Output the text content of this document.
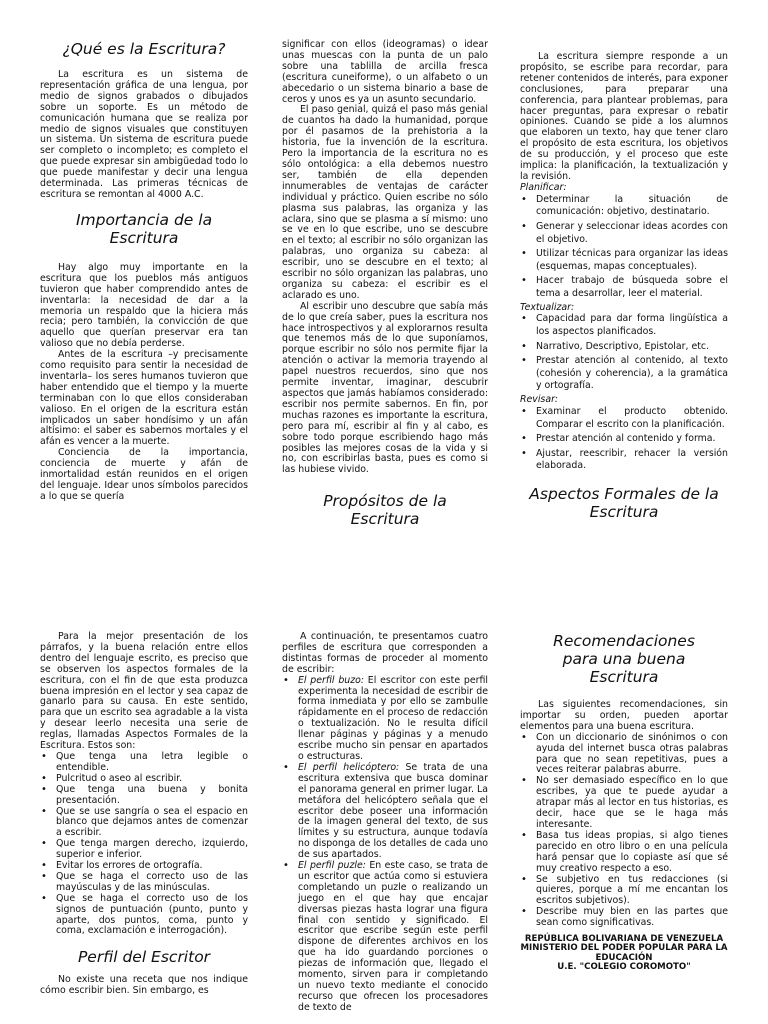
¿Qué es la Escritura?

La escritura es un sistema de representación gráfica de una lengua, por medio de signos grabados o dibujados sobre un soporte. Es un método de comunicación humana que se realiza por medio de signos visuales que constituyen un sistema. Un sistema de escritura puede ser completo o incompleto; es completo el que puede expresar sin ambigüedad todo lo que puede manifestar y decir una lengua determinada. Las primeras técnicas de escritura se remontan al 4000 A.C.

Importancia de la Escritura

Hay algo muy importante en la escritura que los pueblos más antiguos tuvieron que haber comprendido antes de inventarla: la necesidad de dar a la memoria un respaldo que la hiciera más recia; pero también, la convicción de que aquello que querían preservar era tan valioso que no debía perderse.

Antes de la escritura –y precisamente como requisito para sentir la necesidad de inventarla– los seres humanos tuvieron que haber entendido que el tiempo y la muerte terminaban con lo que ellos consideraban valioso. En el origen de la escritura están implicados un saber hondísimo y un afán altísimo: el saber es sabernos mortales y el afán es vencer a la muerte.

Conciencia de la importancia, conciencia de muerte y afán de inmortalidad están reunidos en el origen del lenguaje. Idear unos símbolos parecidos a lo que se quería

significar con ellos (ideogramas) o idear unas muescas con la punta de un palo sobre una tablilla de arcilla fresca (escritura cuneiforme), o un alfabeto o un abecedario o un sistema binario a base de ceros y unos es ya un asunto secundario.

El paso genial, quizá el paso más genial de cuantos ha dado la humanidad, porque por él pasamos de la prehistoria a la historia, fue la invención de la escritura. Pero la importancia de la escritura no es sólo ontológica: a ella debemos nuestro ser, también de ella dependen innumerables de ventajas de carácter individual y práctico. Quien escribe no sólo plasma sus palabras, las organiza y las aclara, sino que se plasma a sí mismo: uno se ve en lo que escribe, uno se descubre en el texto; al escribir no sólo organizan las palabras, uno organiza su cabeza: al escribir, uno se descubre en el texto; al escribir no sólo organizan las palabras, uno organiza su cabeza: el escribir es el aclarado es uno.

Al escribir uno descubre que sabía más de lo que creía saber, pues la escritura nos hace introspectivos y al explorarnos resulta que tenemos más de lo que suponíamos, porque escribir no sólo nos permite fijar la atención o activar la memoria trayendo al papel nuestros recuerdos, sino que nos permite inventar, imaginar, descubrir aspectos que jamás habíamos considerado: escribir nos permite sabernos. En fin, por muchas razones es importante la escritura, pero para mí, escribir al fin y al cabo, es sobre todo porque escribiendo hago más posibles las mejores cosas de la vida y si no, con escribirlas basta, pues es como si las hubiese vivido.

Propósitos de la Escritura

La escritura siempre responde a un propósito, se escribe para recordar, para retener contenidos de interés, para exponer conclusiones, para preparar una conferencia, para plantear problemas, para hacer preguntas, para expresar o rebatir opiniones. Cuando se pide a los alumnos que elaboren un texto, hay que tener claro el propósito de esta escritura, los objetivos de su producción, y el proceso que este implica: la planificación, la textualización y la revisión.

Planificar:
• Determinar la situación de comunicación: objetivo, destinatario.
• Generar y seleccionar ideas acordes con el objetivo.
• Utilizar técnicas para organizar las ideas (esquemas, mapas conceptuales).
• Hacer trabajo de búsqueda sobre el tema a desarrollar, leer el material.
Textualizar:
• Capacidad para dar forma lingüística a los aspectos planificados.
• Narrativo, Descriptivo, Epistolar, etc.
• Prestar atención al contenido, al texto (cohesión y coherencia), a la gramática y ortografía.
Revisar:
• Examinar el producto obtenido. Comparar el escrito con la planificación.
• Prestar atención al contenido y forma.
• Ajustar, reescribir, rehacer la versión elaborada.
Aspectos Formales de la Escritura

Para la mejor presentación de los párrafos, y la buena relación entre ellos dentro del lenguaje escrito, es preciso que se observen los aspectos formales de la escritura, con el fin de que esta produzca buena impresión en el lector y sea capaz de ganarlo para su causa. En este sentido, para que un escrito sea agradable a la vista y desear leerlo necesita una serie de reglas, llamadas Aspectos Formales de la Escritura. Estos son:

• Que tenga una letra legible o entendible.
• Pulcritud o aseo al escribir.
• Que tenga una buena y bonita presentación.
• Que se use sangría o sea el espacio en blanco que dejamos antes de comenzar a escribir.
• Que tenga margen derecho, izquierdo, superior e inferior.
• Evitar los errores de ortografía.
• Que se haga el correcto uso de las mayúsculas y de las minúsculas.
• Que se haga el correcto uso de los signos de puntuación (punto, punto y aparte, dos puntos, coma, punto y coma, exclamación e interrogación).
Perfil del Escritor

No existe una receta que nos indique cómo escribir bien. Sin embargo, es

A continuación, te presentamos cuatro perfiles de escritura que corresponden a distintas formas de proceder al momento de escribir:

• El perfil buzo: El escritor con este perfil experimenta la necesidad de escribir de forma inmediata y por ello se zambulle rápidamente en el proceso de redacción o textualización. No le resulta difícil llenar páginas y páginas y a menudo escribe mucho sin pensar en apartados o estructuras.
• El perfil helicóptero: Se trata de una escritura extensiva que busca dominar el panorama general en primer lugar. La metáfora del helicóptero señala que el escritor debe poseer una información de la imagen general del texto, de sus límites y su estructura, aunque todavía no disponga de los detalles de cada uno de sus apartados.
• El perfil puzle: En este caso, se trata de un escritor que actúa como si estuviera completando un puzle o realizando un juego en el que hay que encajar diversas piezas hasta lograr una figura final con sentido y significado. El escritor que escribe según este perfil dispone de diferentes archivos en los que ha ido guardando porciones o piezas de información que, llegado el momento, sirven para ir completando un nuevo texto mediante el conocido recurso que ofrecen los procesadores de texto de
Recomendaciones para una buena Escritura

Las siguientes recomendaciones, sin importar su orden, pueden aportar elementos para una buena escritura.

• Con un diccionario de sinónimos o con ayuda del internet busca otras palabras para que no sean repetitivas, pues a veces reiterar palabras aburre.
• No ser demasiado específico en lo que escribes, ya que te puede ayudar a atrapar más al lector en tus historias, es decir, hace que se le haga más interesante.
• Basa tus ideas propias, si algo tienes parecido en otro libro o en una película hará pensar que lo copiaste así que sé muy creativo respecto a eso.
• Se subjetivo en tus redacciones (si quieres, porque a mí me encantan los escritos subjetivos).
• Describe muy bien en las partes que sean como significativas.
REPÚBLICA BOLIVARIANA DE VENEZUELA
MINISTERIO DEL PODER POPULAR PARA LA EDUCACIÓN
U.E. "COLEGIO COROMOTO"
